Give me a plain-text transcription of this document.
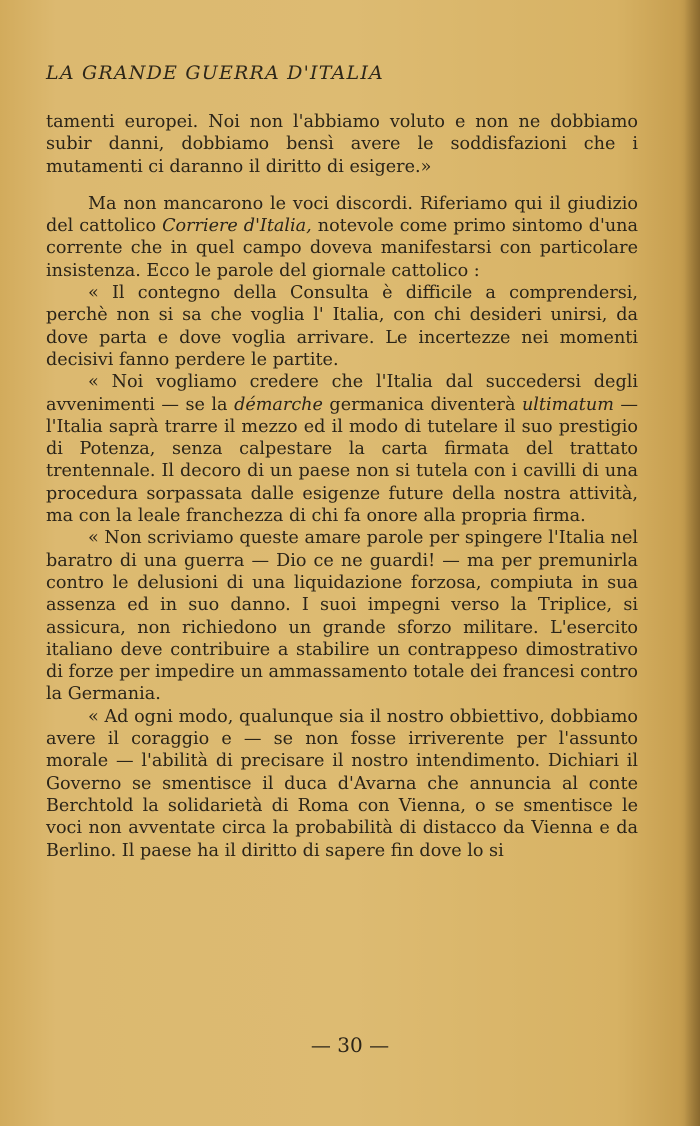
LA GRANDE GUERRA D'ITALIA

tamenti europei. Noi non l'abbiamo voluto e non ne dobbiamo subir danni, dobbiamo bensì avere le soddisfazioni che i mutamenti ci daranno il diritto di esigere.»

Ma non mancarono le voci discordi. Riferiamo qui il giudizio del cattolico Corriere d'Italia, notevole come primo sintomo d'una corrente che in quel campo doveva manifestarsi con particolare insistenza. Ecco le parole del giornale cattolico :

« Il contegno della Consulta è difficile a comprendersi, perchè non si sa che voglia l' Italia, con chi desideri unirsi, da dove parta e dove voglia arrivare. Le incertezze nei momenti decisivi fanno perdere le partite.

« Noi vogliamo credere che l'Italia dal succedersi degli avvenimenti — se la démarche germanica diventerà ultimatum — l'Italia saprà trarre il mezzo ed il modo di tutelare il suo prestigio di Potenza, senza calpestare la carta firmata del trattato trentennale. Il decoro di un paese non si tutela con i cavilli di una procedura sorpassata dalle esigenze future della nostra attività, ma con la leale franchezza di chi fa onore alla propria firma.

« Non scriviamo queste amare parole per spingere l'Italia nel baratro di una guerra — Dio ce ne guardi! — ma per premunirla contro le delusioni di una liquidazione forzosa, compiuta in sua assenza ed in suo danno. I suoi impegni verso la Triplice, si assicura, non richiedono un grande sforzo militare. L'esercito italiano deve contribuire a stabilire un contrappeso dimostrativo di forze per impedire un ammassamento totale dei francesi contro la Germania.

« Ad ogni modo, qualunque sia il nostro obbiettivo, dobbiamo avere il coraggio e — se non fosse irriverente per l'assunto morale — l'abilità di precisare il nostro intendimento. Dichiari il Governo se smentisce il duca d'Avarna che annuncia al conte Berchtold la solidarietà di Roma con Vienna, o se smentisce le voci non avventate circa la probabilità di distacco da Vienna e da Berlino. Il paese ha il diritto di sapere fin dove lo si

— 30 —
